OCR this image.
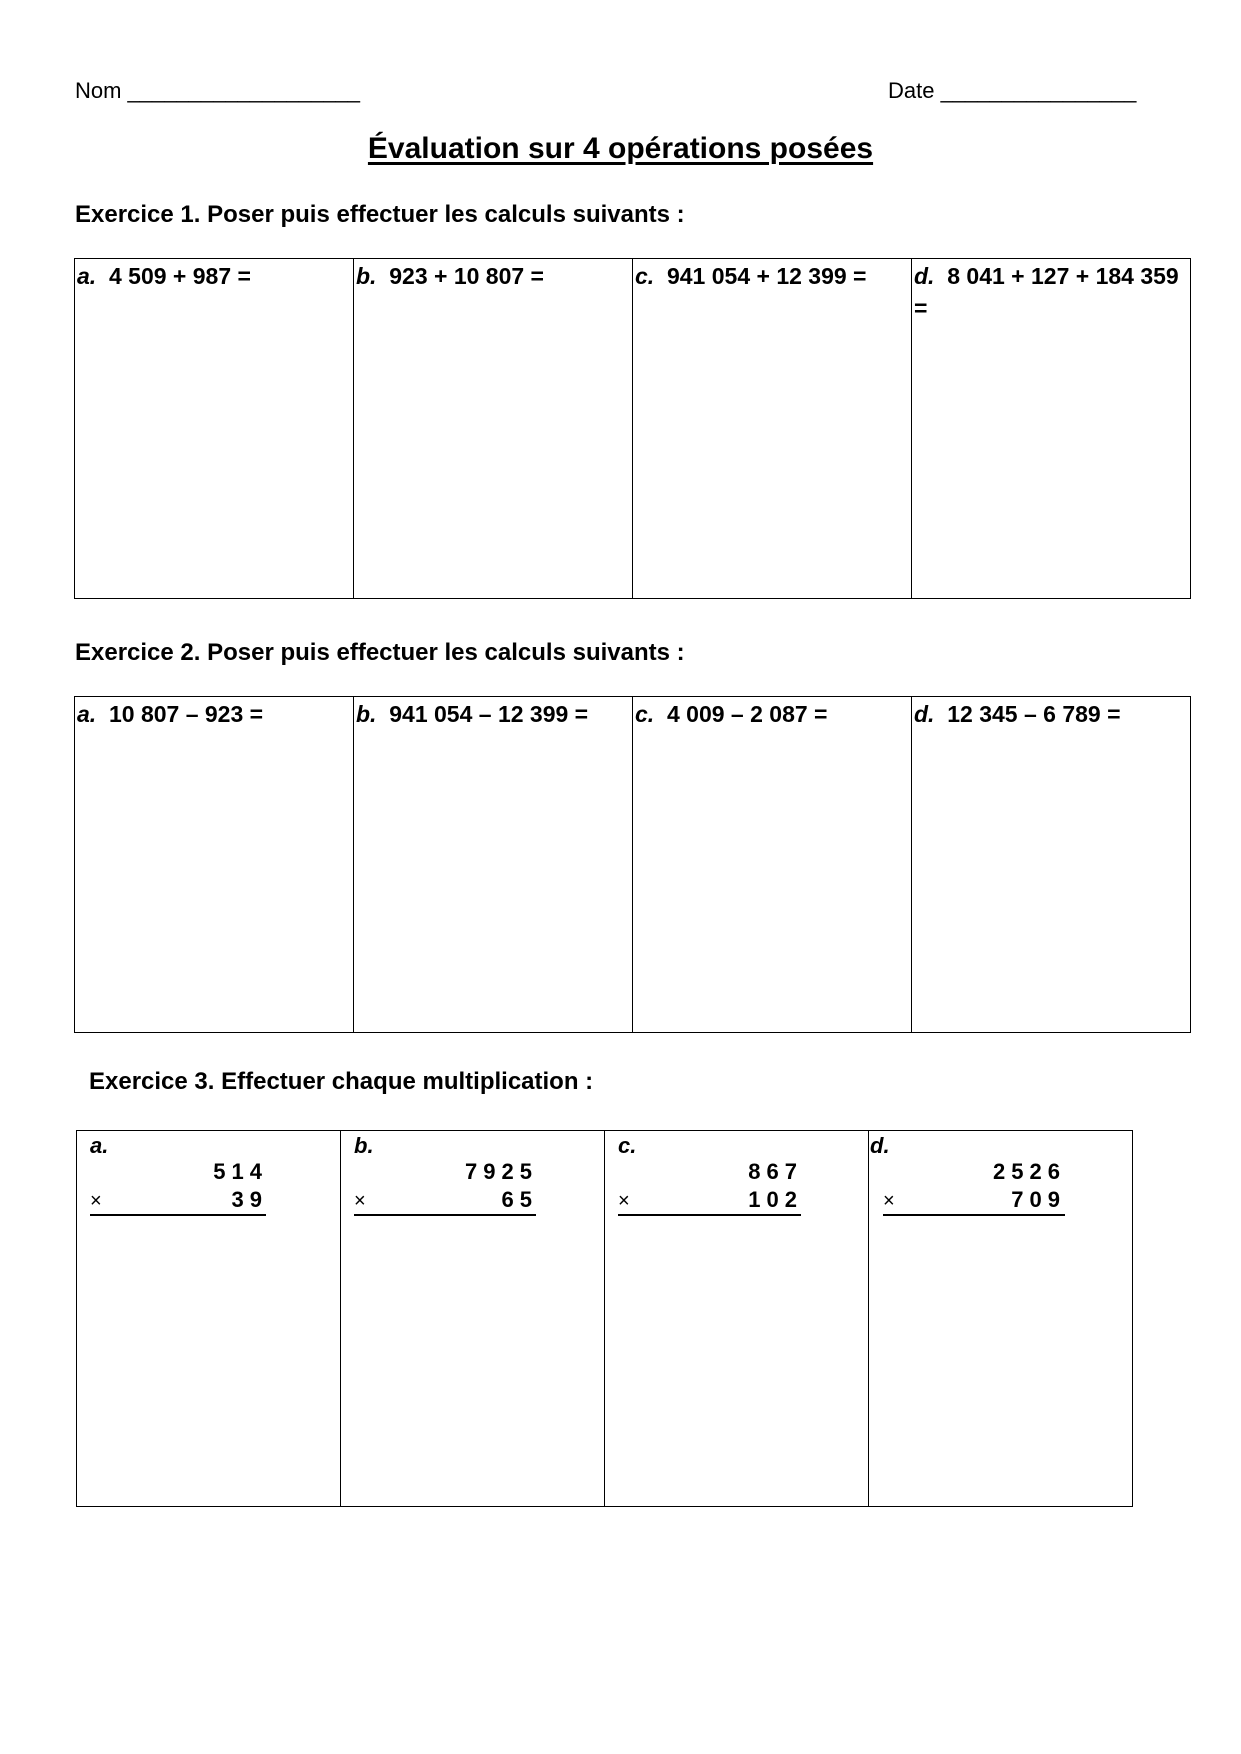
Nom ___________________	Date ________________
Évaluation sur 4 opérations posées
Exercice 1. Poser puis effectuer les calculs suivants :
a. 4 509 + 987 =	b. 923 + 10 807 =	c. 941 054 + 12 399 =	d. 8 041 + 127 + 184 359 =
Exercice 2. Poser puis effectuer les calculs suivants :
a. 10 807 – 923 =	b. 941 054 – 12 399 =	c. 4 009 – 2 087 =	d. 12 345 – 6 789 =
Exercice 3. Effectuer chaque multiplication :
a.
514
×	39

b.
7925
×	65

c.
867
×	102

d.
2526
×	709
